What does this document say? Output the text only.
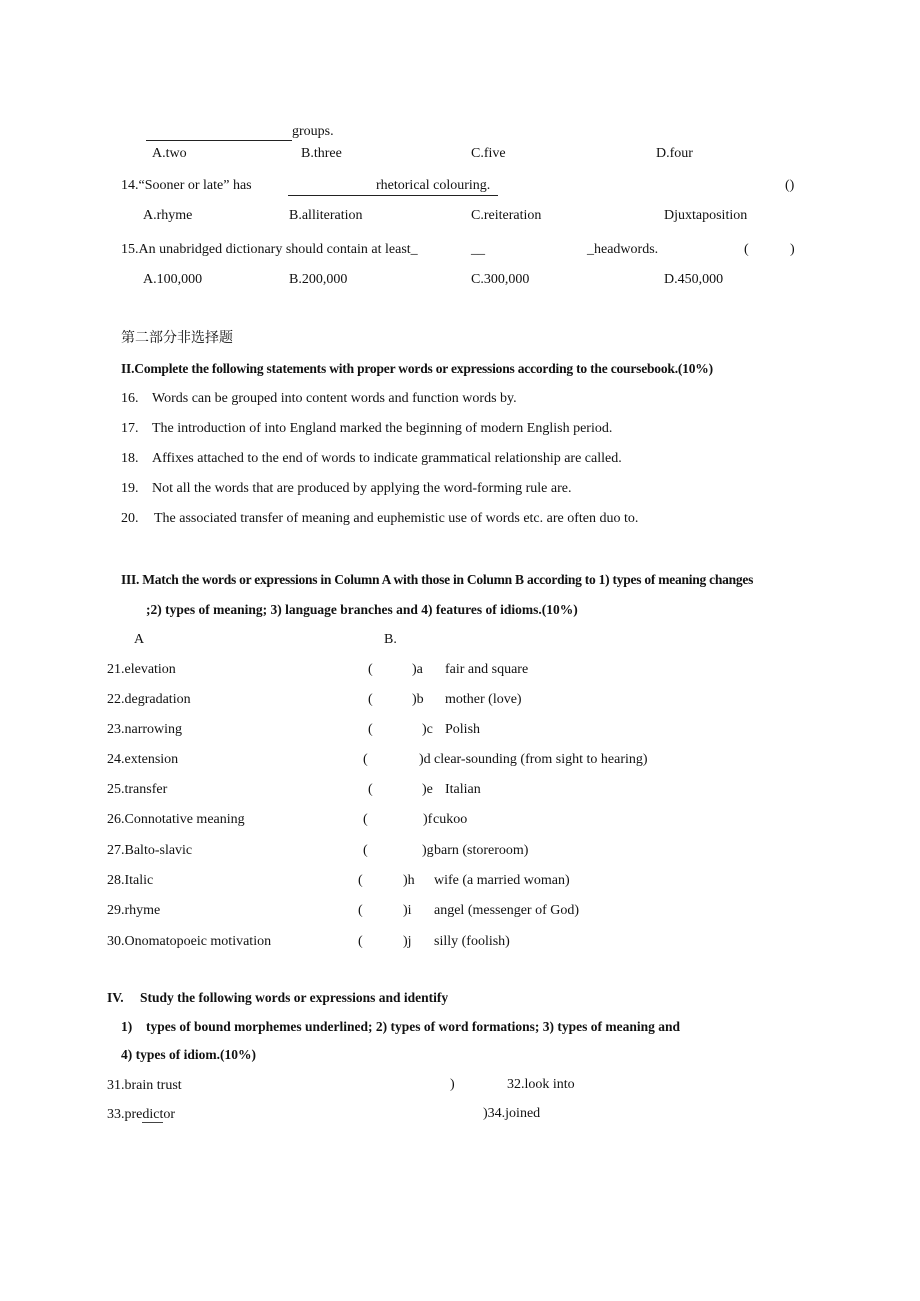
groups.
A.two	B.three	C.five	D.four
14.“Sooner or late” has	rhetorical colouring.	()
A.rhyme	B.alliteration	C.reiteration	Djuxtaposition
15.An unabridged dictionary should contain at least_	__	_headwords.	(	)
A.100,000	B.200,000	C.300,000	D.450,000
第二部分非选择题
II.Complete the following statements with proper words or expressions according to the coursebook.(10%)
16. Words can be grouped into content words and function words by.
17. The introduction of into England marked the beginning of modern English period.
18. Affixes attached to the end of words to indicate grammatical relationship are called.
19. Not all the words that are produced by applying the word-forming rule are.
20. The associated transfer of meaning and euphemistic use of words etc. are often duo to.
III. Match the words or expressions in Column A with those in Column B according to 1) types of meaning changes
;2) types of meaning; 3) language branches and 4) features of idioms.(10%)
A	B.
21.elevation	(	)a fair and square
22.degradation	(	)b mother (love)
23.narrowing	(	)c Polish
24.extension	(	)d clear-sounding (from sight to hearing)
25.transfer	(	)e Italian
26.Connotative meaning	(	)f cukoo
27.Balto-slavic	(	)g barn (storeroom)
28.Italic	(	)h wife (a married woman)
29.rhyme	(	)i angel (messenger of God)
30.Onomatopoeic motivation	(	)j silly (foolish)
IV. Study the following words or expressions and identify
1) types of bound morphemes underlined; 2) types of word formations; 3) types of meaning and
4) types of idiom.(10%)
31.brain trust	)	32.look into
33.predictor	)34.joined
